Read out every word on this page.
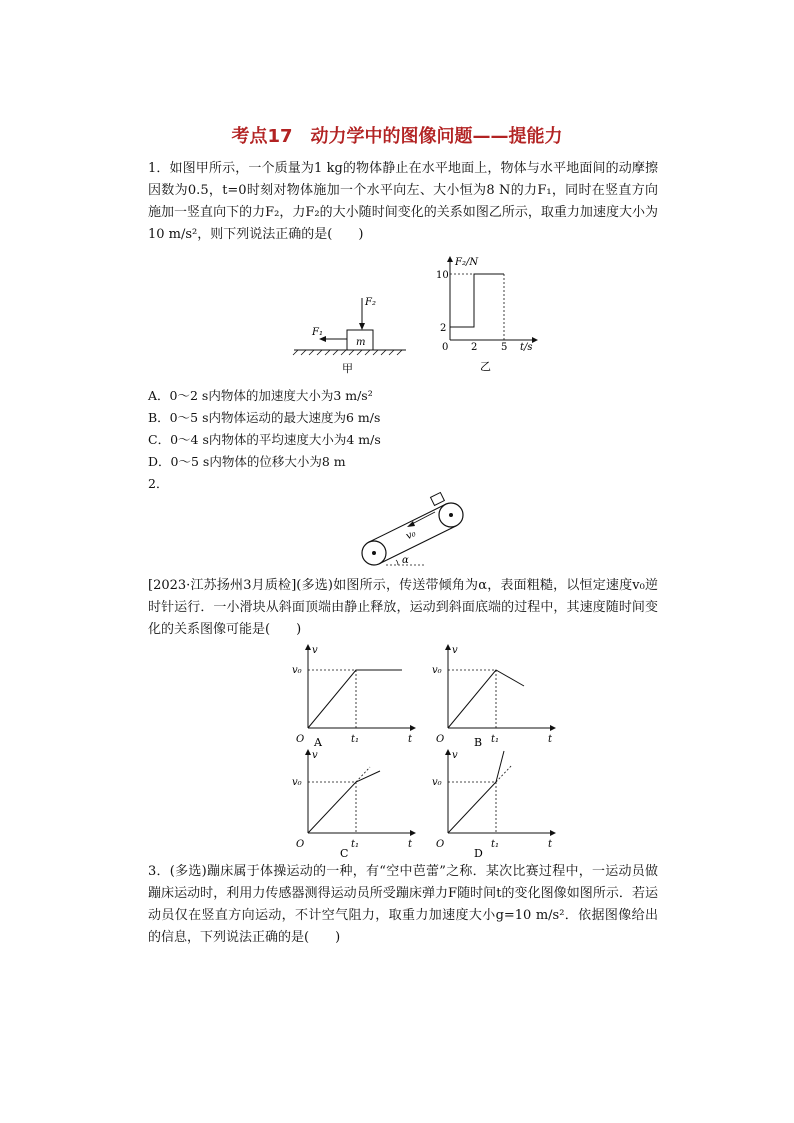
考点17　动力学中的图像问题——提能力
1．如图甲所示，一个质量为1 kg的物体静止在水平地面上，物体与水平地面间的动摩擦因数为0.5，t=0时刻对物体施加一个水平向左、大小恒为8 N的力F₁，同时在竖直方向施加一竖直向下的力F₂，力F₂的大小随时间变化的关系如图乙所示，取重力加速度大小为10 m/s²，则下列说法正确的是(　　)
m
F₂
F₁
甲
F₂/N
10
2
0 2 5 t/s
乙
A．0～2 s内物体的加速度大小为3 m/s²
B．0～5 s内物体运动的最大速度为6 m/s
C．0～4 s内物体的平均速度大小为4 m/s
D．0～5 s内物体的位移大小为8 m
2．
v₀
α
[2023·江苏扬州3月质检](多选)如图所示，传送带倾角为α，表面粗糙，以恒定速度v₀逆时针运行．一小滑块从斜面顶端由静止释放，运动到斜面底端的过程中，其速度随时间变化的关系图像可能是(　　)
v
t
O
v₀
t₁
A
v
t
O
v₀
t₁
B
v
t
O
v₀
t₁
C
v
t
O
v₀
t₁
D
3．(多选)蹦床属于体操运动的一种，有“空中芭蕾”之称．某次比赛过程中，一运动员做蹦床运动时，利用力传感器测得运动员所受蹦床弹力F随时间t的变化图像如图所示．若运动员仅在竖直方向运动，不计空气阻力，取重力加速度大小g=10 m/s²．依据图像给出的信息，下列说法正确的是(　　)
